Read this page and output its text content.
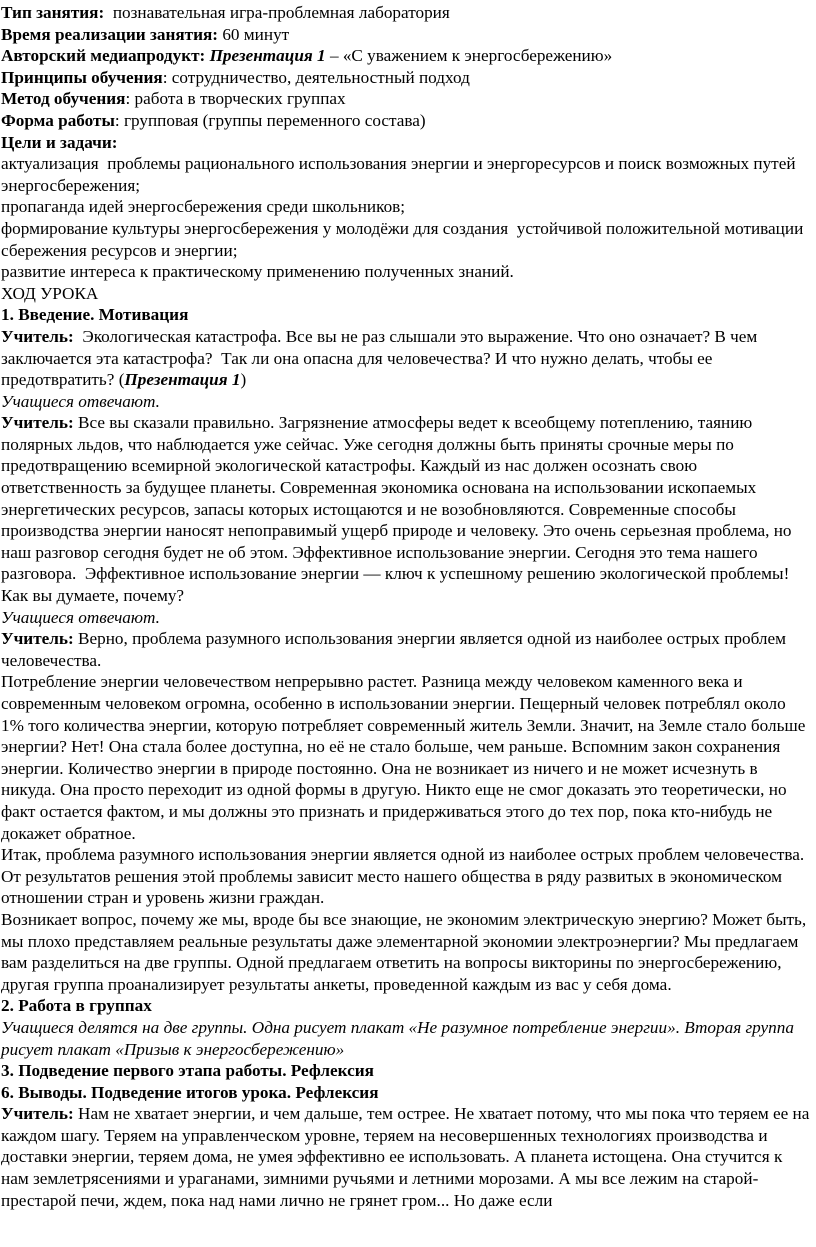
Тип занятия:  познавательная игра-проблемная лаборатория

Время реализации занятия: 60 минут

Авторский медиапродукт: Презентация 1 – «С уважением к энергосбережению»

Принципы обучения: сотрудничество, деятельностный подход

Метод обучения: работа в творческих группах

Форма работы: групповая (группы переменного состава)

Цели и задачи:

актуализация  проблемы рационального использования энергии и энергоресурсов и поиск возможных путей энергосбережения;

пропаганда идей энергосбережения среди школьников;

формирование культуры энергосбережения у молодёжи для создания  устойчивой положительной мотивации сбережения ресурсов и энергии;

развитие интереса к практическому применению полученных знаний.

ХОД УРОКА

1. Введение. Мотивация

Учитель:  Экологическая катастрофа. Все вы не раз слышали это выражение. Что оно означает? В чем заключается эта катастрофа?  Так ли она опасна для человечества? И что нужно делать, чтобы ее предотвратить? (Презентация 1)

Учащиеся отвечают.

Учитель: Все вы сказали правильно. Загрязнение атмосферы ведет к всеобщему потеплению, таянию полярных льдов, что наблюдается уже сейчас. Уже сегодня должны быть приняты срочные меры по предотвращению всемирной экологической катастрофы. Каждый из нас должен осознать свою ответственность за будущее планеты. Современная экономика основана на использовании ископаемых энергетических ресурсов, запасы которых истощаются и не возобновляются. Современные способы производства энергии наносят непоправимый ущерб природе и человеку. Это очень серьезная проблема, но наш разговор сегодня будет не об этом. Эффективное использование энергии. Сегодня это тема нашего разговора.  Эффективное использование энергии — ключ к успешному решению экологической проблемы! Как вы думаете, почему?

Учащиеся отвечают.

Учитель: Верно, проблема разумного использования энергии является одной из наиболее острых проблем человечества.

Потребление энергии человечеством непрерывно растет. Разница между человеком каменного века и современным человеком огромна, особенно в использовании энергии. Пещерный человек потреблял около 1% того количества энергии, которую потребляет современный житель Земли. Значит, на Земле стало больше энергии? Нет! Она стала более доступна, но её не стало больше, чем раньше. Вспомним закон сохранения энергии. Количество энергии в природе постоянно. Она не возникает из ничего и не может исчезнуть в никуда. Она просто переходит из одной формы в другую. Никто еще не смог доказать это теоретически, но факт остается фактом, и мы должны это признать и придерживаться этого до тех пор, пока кто-нибудь не докажет обратное.

Итак, проблема разумного использования энергии является одной из наиболее острых проблем человечества. От результатов решения этой проблемы зависит место нашего общества в ряду развитых в экономическом отношении стран и уровень жизни граждан.

Возникает вопрос, почему же мы, вроде бы все знающие, не экономим электрическую энергию? Может быть, мы плохо представляем реальные результаты даже элементарной экономии электроэнергии? Мы предлагаем вам разделиться на две группы. Одной предлагаем ответить на вопросы викторины по энергосбережению, другая группа проанализирует результаты анкеты, проведенной каждым из вас у себя дома.

2. Работа в группах

Учащиеся делятся на две группы. Одна рисует плакат «Не разумное потребление энергии». Вторая группа рисует плакат «Призыв к энергосбережению»

3. Подведение первого этапа работы. Рефлексия

6. Выводы. Подведение итогов урока. Рефлексия

Учитель: Нам не хватает энергии, и чем дальше, тем острее. Не хватает потому, что мы пока что теряем ее на каждом шагу. Теряем на управленческом уровне, теряем на несовершенных технологиях производства и доставки энергии, теряем дома, не умея эффективно ее использовать. А планета истощена. Она стучится к нам землетрясениями и ураганами, зимними ручьями и летними морозами. А мы все лежим на старой-престарой печи, ждем, пока над нами лично не грянет гром... Но даже если
